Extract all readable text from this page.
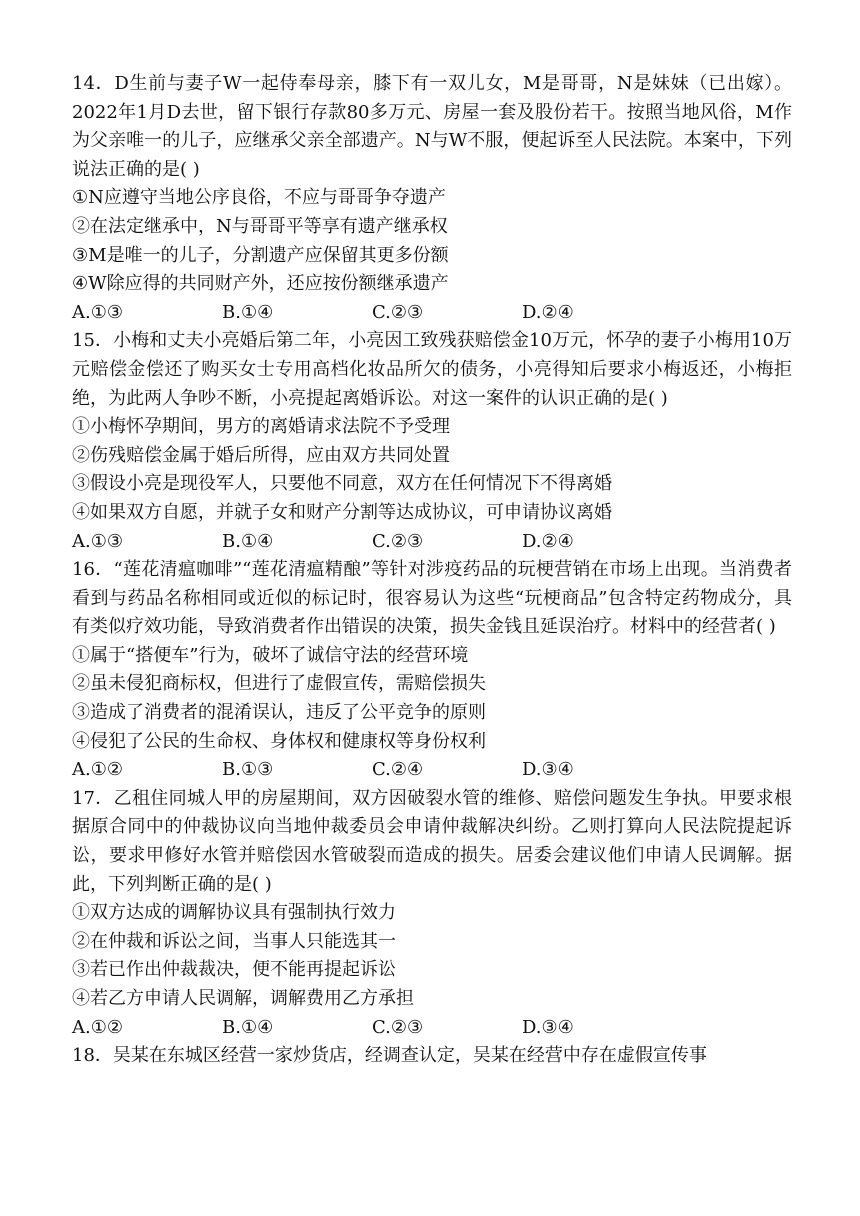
14．D生前与妻子W一起侍奉母亲，膝下有一双儿女，M是哥哥，N是妹妹（已出嫁）。2022年1月D去世，留下银行存款80多万元、房屋一套及股份若干。按照当地风俗，M作为父亲唯一的儿子，应继承父亲全部遗产。N与W不服，便起诉至人民法院。本案中，下列说法正确的是( )

①N应遵守当地公序良俗，不应与哥哥争夺遗产

②在法定继承中，N与哥哥平等享有遗产继承权

③M是唯一的儿子，分割遗产应保留其更多份额

④W除应得的共同财产外，还应按份额继承遗产

A.①③	B.①④	C.②③	D.②④

15．小梅和丈夫小亮婚后第二年，小亮因工致残获赔偿金10万元，怀孕的妻子小梅用10万元赔偿金偿还了购买女士专用高档化妆品所欠的债务，小亮得知后要求小梅返还，小梅拒绝，为此两人争吵不断，小亮提起离婚诉讼。对这一案件的认识正确的是( )

①小梅怀孕期间，男方的离婚请求法院不予受理

②伤残赔偿金属于婚后所得，应由双方共同处置

③假设小亮是现役军人，只要他不同意，双方在任何情况下不得离婚

④如果双方自愿，并就子女和财产分割等达成协议，可申请协议离婚

A.①③	B.①④	C.②③	D.②④

16．“莲花清瘟咖啡”“莲花清瘟精酿”等针对涉疫药品的玩梗营销在市场上出现。当消费者看到与药品名称相同或近似的标记时，很容易认为这些“玩梗商品”包含特定药物成分，具有类似疗效功能，导致消费者作出错误的决策，损失金钱且延误治疗。材料中的经营者( )

①属于“搭便车”行为，破坏了诚信守法的经营环境

②虽未侵犯商标权，但进行了虚假宣传，需赔偿损失

③造成了消费者的混淆误认，违反了公平竞争的原则

④侵犯了公民的生命权、身体权和健康权等身份权利

A.①②	B.①③	C.②④	D.③④

17．乙租住同城人甲的房屋期间，双方因破裂水管的维修、赔偿问题发生争执。甲要求根据原合同中的仲裁协议向当地仲裁委员会申请仲裁解决纠纷。乙则打算向人民法院提起诉讼，要求甲修好水管并赔偿因水管破裂而造成的损失。居委会建议他们申请人民调解。据此，下列判断正确的是( )

①双方达成的调解协议具有强制执行效力

②在仲裁和诉讼之间，当事人只能选其一

③若已作出仲裁裁决，便不能再提起诉讼

④若乙方申请人民调解，调解费用乙方承担

A.①②	B.①④	C.②③	D.③④

18．吴某在东城区经营一家炒货店，经调查认定，吴某在经营中存在虚假宣传事
